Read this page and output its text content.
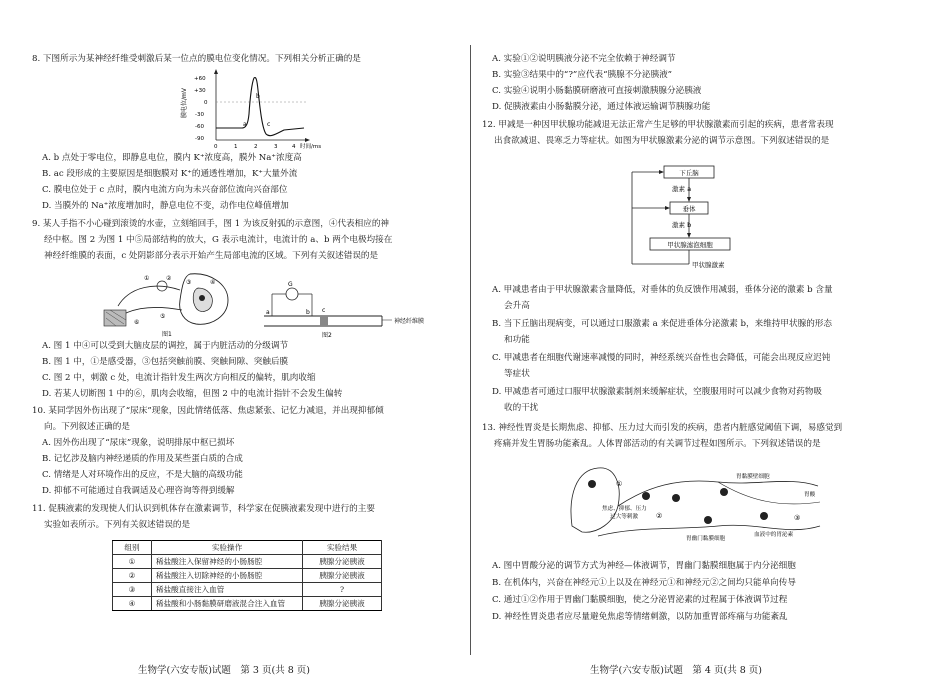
8. 下图所示为某神经纤维受刺激后某一位点的膜电位变化情况。下列相关分析正确的是
膜电位/mV
+60
+30
0
-30
-60
-90
a
b
c
0	1	2	3	4 时间/ms
A. b 点处于零电位，即静息电位，膜内 K⁺浓度高，膜外 Na⁺浓度高
B. ac 段形成的主要原因是细胞膜对 K⁺的通透性增加，K⁺大量外流
C. 膜电位处于 c 点时，膜内电流方向为未兴奋部位流向兴奋部位
D. 当膜外的 Na⁺浓度增加时，静息电位不变，动作电位峰值增加
9. 某人手指不小心碰到滚烫的水壶，立刻缩回手，图 1 为该反射弧的示意图，④代表相应的神
经中枢。图 2 为图 1 中⑤局部结构的放大，G 表示电流计，电流计的 a、b 两个电极均接在
神经纤维膜的表面，c 处阴影部分表示开始产生局部电流的区域。下列有关叙述错误的是
①	②
③	④
⑤
⑥
图1
G
a	b c
神经纤维膜
图2
A. 图 1 中④可以受到大脑皮层的调控，属于内脏活动的分级调节
B. 图 1 中，①是感受器，③包括突触前膜、突触间隙、突触后膜
C. 图 2 中，刺激 c 处，电流计指针发生两次方向相反的偏转，肌肉收缩
D. 若某人切断图 1 中的⑥，肌肉会收缩，但图 2 中的电流计指针不会发生偏转
10. 某同学因外伤出现了“尿床”现象，因此情绪低落、焦虑紧张、记忆力减退，并出现抑郁倾
向。下列叙述正确的是
A. 因外伤出现了“尿床”现象，说明排尿中枢已损坏
B. 记忆涉及脑内神经递质的作用及某些蛋白质的合成
C. 情绪是人对环境作出的反应，不是大脑的高级功能
D. 抑郁不可能通过自我调适及心理咨询等得到缓解
11. 促胰液素的发现使人们认识到机体存在激素调节，科学家在促胰液素发现中进行的主要
实验如表所示。下列有关叙述错误的是
组别	实验操作	实验结果
①	稀盐酸注入保留神经的小肠肠腔	胰腺分泌胰液
②	稀盐酸注入切除神经的小肠肠腔	胰腺分泌胰液
③	稀盐酸直接注入血管	?
④	稀盐酸和小肠黏膜研磨液混合注入血管	胰腺分泌胰液
生物学(六安专版)试题　第 3 页(共 8 页)
A. 实验①②说明胰液分泌不完全依赖于神经调节
B. 实验③结果中的“?”应代表“胰腺不分泌胰液”
C. 实验④说明小肠黏膜研磨液可直接刺激胰腺分泌胰液
D. 促胰液素由小肠黏膜分泌，通过体液运输调节胰腺功能
12. 甲减是一种因甲状腺功能减退无法正常产生足够的甲状腺激素而引起的疾病，患者常表现
出食欲减退、畏寒乏力等症状。如图为甲状腺激素分泌的调节示意图。下列叙述错误的是
下丘脑
激素 a
垂体
激素 b
甲状腺滤泡细胞
甲状腺激素
A. 甲减患者由于甲状腺激素含量降低，对垂体的负反馈作用减弱，垂体分泌的激素 b 含量
会升高
B. 当下丘脑出现病变，可以通过口服激素 a 来促进垂体分泌激素 b，来维持甲状腺的形态
和功能
C. 甲减患者在细胞代谢速率减慢的同时，神经系统兴奋性也会降低，可能会出现反应迟钝
等症状
D. 甲减患者可通过口服甲状腺激素制剂来缓解症状，空腹服用时可以减少食物对药物吸
收的干扰
13. 神经性胃炎是长期焦虑、抑郁、压力过大而引发的疾病，患者内脏感觉阈值下调，易感觉到
疼痛并发生胃肠功能紊乱。人体胃部活动的有关调节过程如图所示。下列叙述错误的是
①
②	③
焦虑、抑郁、压力
过大等刺激
胃黏膜壁细胞
胃酸
胃幽门黏膜细胞
血液中的胃泌素
A. 图中胃酸分泌的调节方式为神经—体液调节，胃幽门黏膜细胞属于内分泌细胞
B. 在机体内，兴奋在神经元①上以及在神经元①和神经元②之间均只能单向传导
C. 通过①②作用于胃幽门黏膜细胞，使之分泌胃泌素的过程属于体液调节过程
D. 神经性胃炎患者应尽量避免焦虑等情绪刺激，以防加重胃部疼痛与功能紊乱
生物学(六安专版)试题　第 4 页(共 8 页)
